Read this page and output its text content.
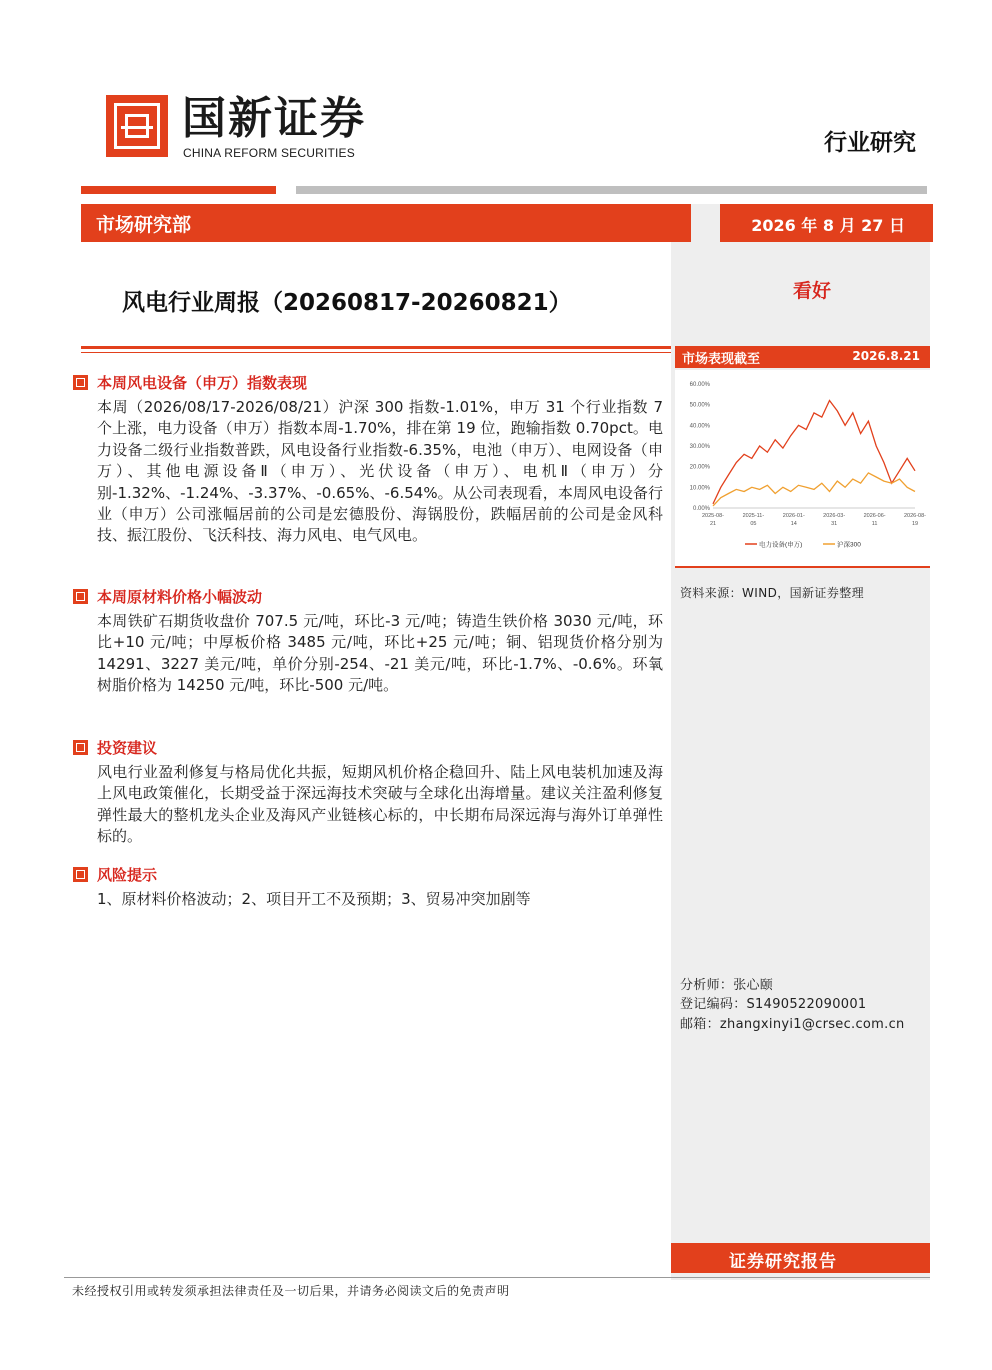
国新证券
CHINA REFORM SECURITIES	行业研究
市场研究部	2026 年 8 月 27 日
看好
市场表现截至	2026.8.21
60.00%
50.00%
40.00%
30.00%
20.00%
10.00%
0.00%
2025-08-
21
2025-11-
05
2026-01-
14
2026-03-
31
2026-06-
11
2026-08-
19
电力设备(申万)	沪深300
资料来源：WIND，国新证券整理
分析师：张心颐
登记编码：S1490522090001
邮箱：zhangxinyi1@crsec.com.cn
证券研究报告
风电行业周报（20260817-20260821）
本周风电设备（申万）指数表现

本周（2026/08/17-2026/08/21）沪深 300 指数-1.01%，申万 31 个行业指数 7 个上涨，电力设备（申万）指数本周-1.70%，排在第 19 位，跑输指数 0.70pct。电力设备二级行业指数普跌，风电设备行业指数-6.35%，电池（申万）、电网设备（申万）、其他电源设备Ⅱ（申万）、光伏设备（申万）、电机Ⅱ（申万）分别-1.32%、-1.24%、-3.37%、-0.65%、-6.54%。从公司表现看，本周风电设备行业（申万）公司涨幅居前的公司是宏德股份、海锅股份，跌幅居前的公司是金风科技、振江股份、飞沃科技、海力风电、电气风电。

本周原材料价格小幅波动

本周铁矿石期货收盘价 707.5 元/吨，环比-3 元/吨；铸造生铁价格 3030 元/吨，环比+10 元/吨；中厚板价格 3485 元/吨，环比+25 元/吨；铜、铝现货价格分别为 14291、3227 美元/吨，单价分别-254、-21 美元/吨，环比-1.7%、-0.6%。环氧树脂价格为 14250 元/吨，环比-500 元/吨。

投资建议

风电行业盈利修复与格局优化共振，短期风机价格企稳回升、陆上风电装机加速及海上风电政策催化，长期受益于深远海技术突破与全球化出海增量。建议关注盈利修复弹性最大的整机龙头企业及海风产业链核心标的，中长期布局深远海与海外订单弹性标的。

风险提示

1、原材料价格波动；2、项目开工不及预期；3、贸易冲突加剧等

未经授权引用或转发须承担法律责任及一切后果，并请务必阅读文后的免责声明
